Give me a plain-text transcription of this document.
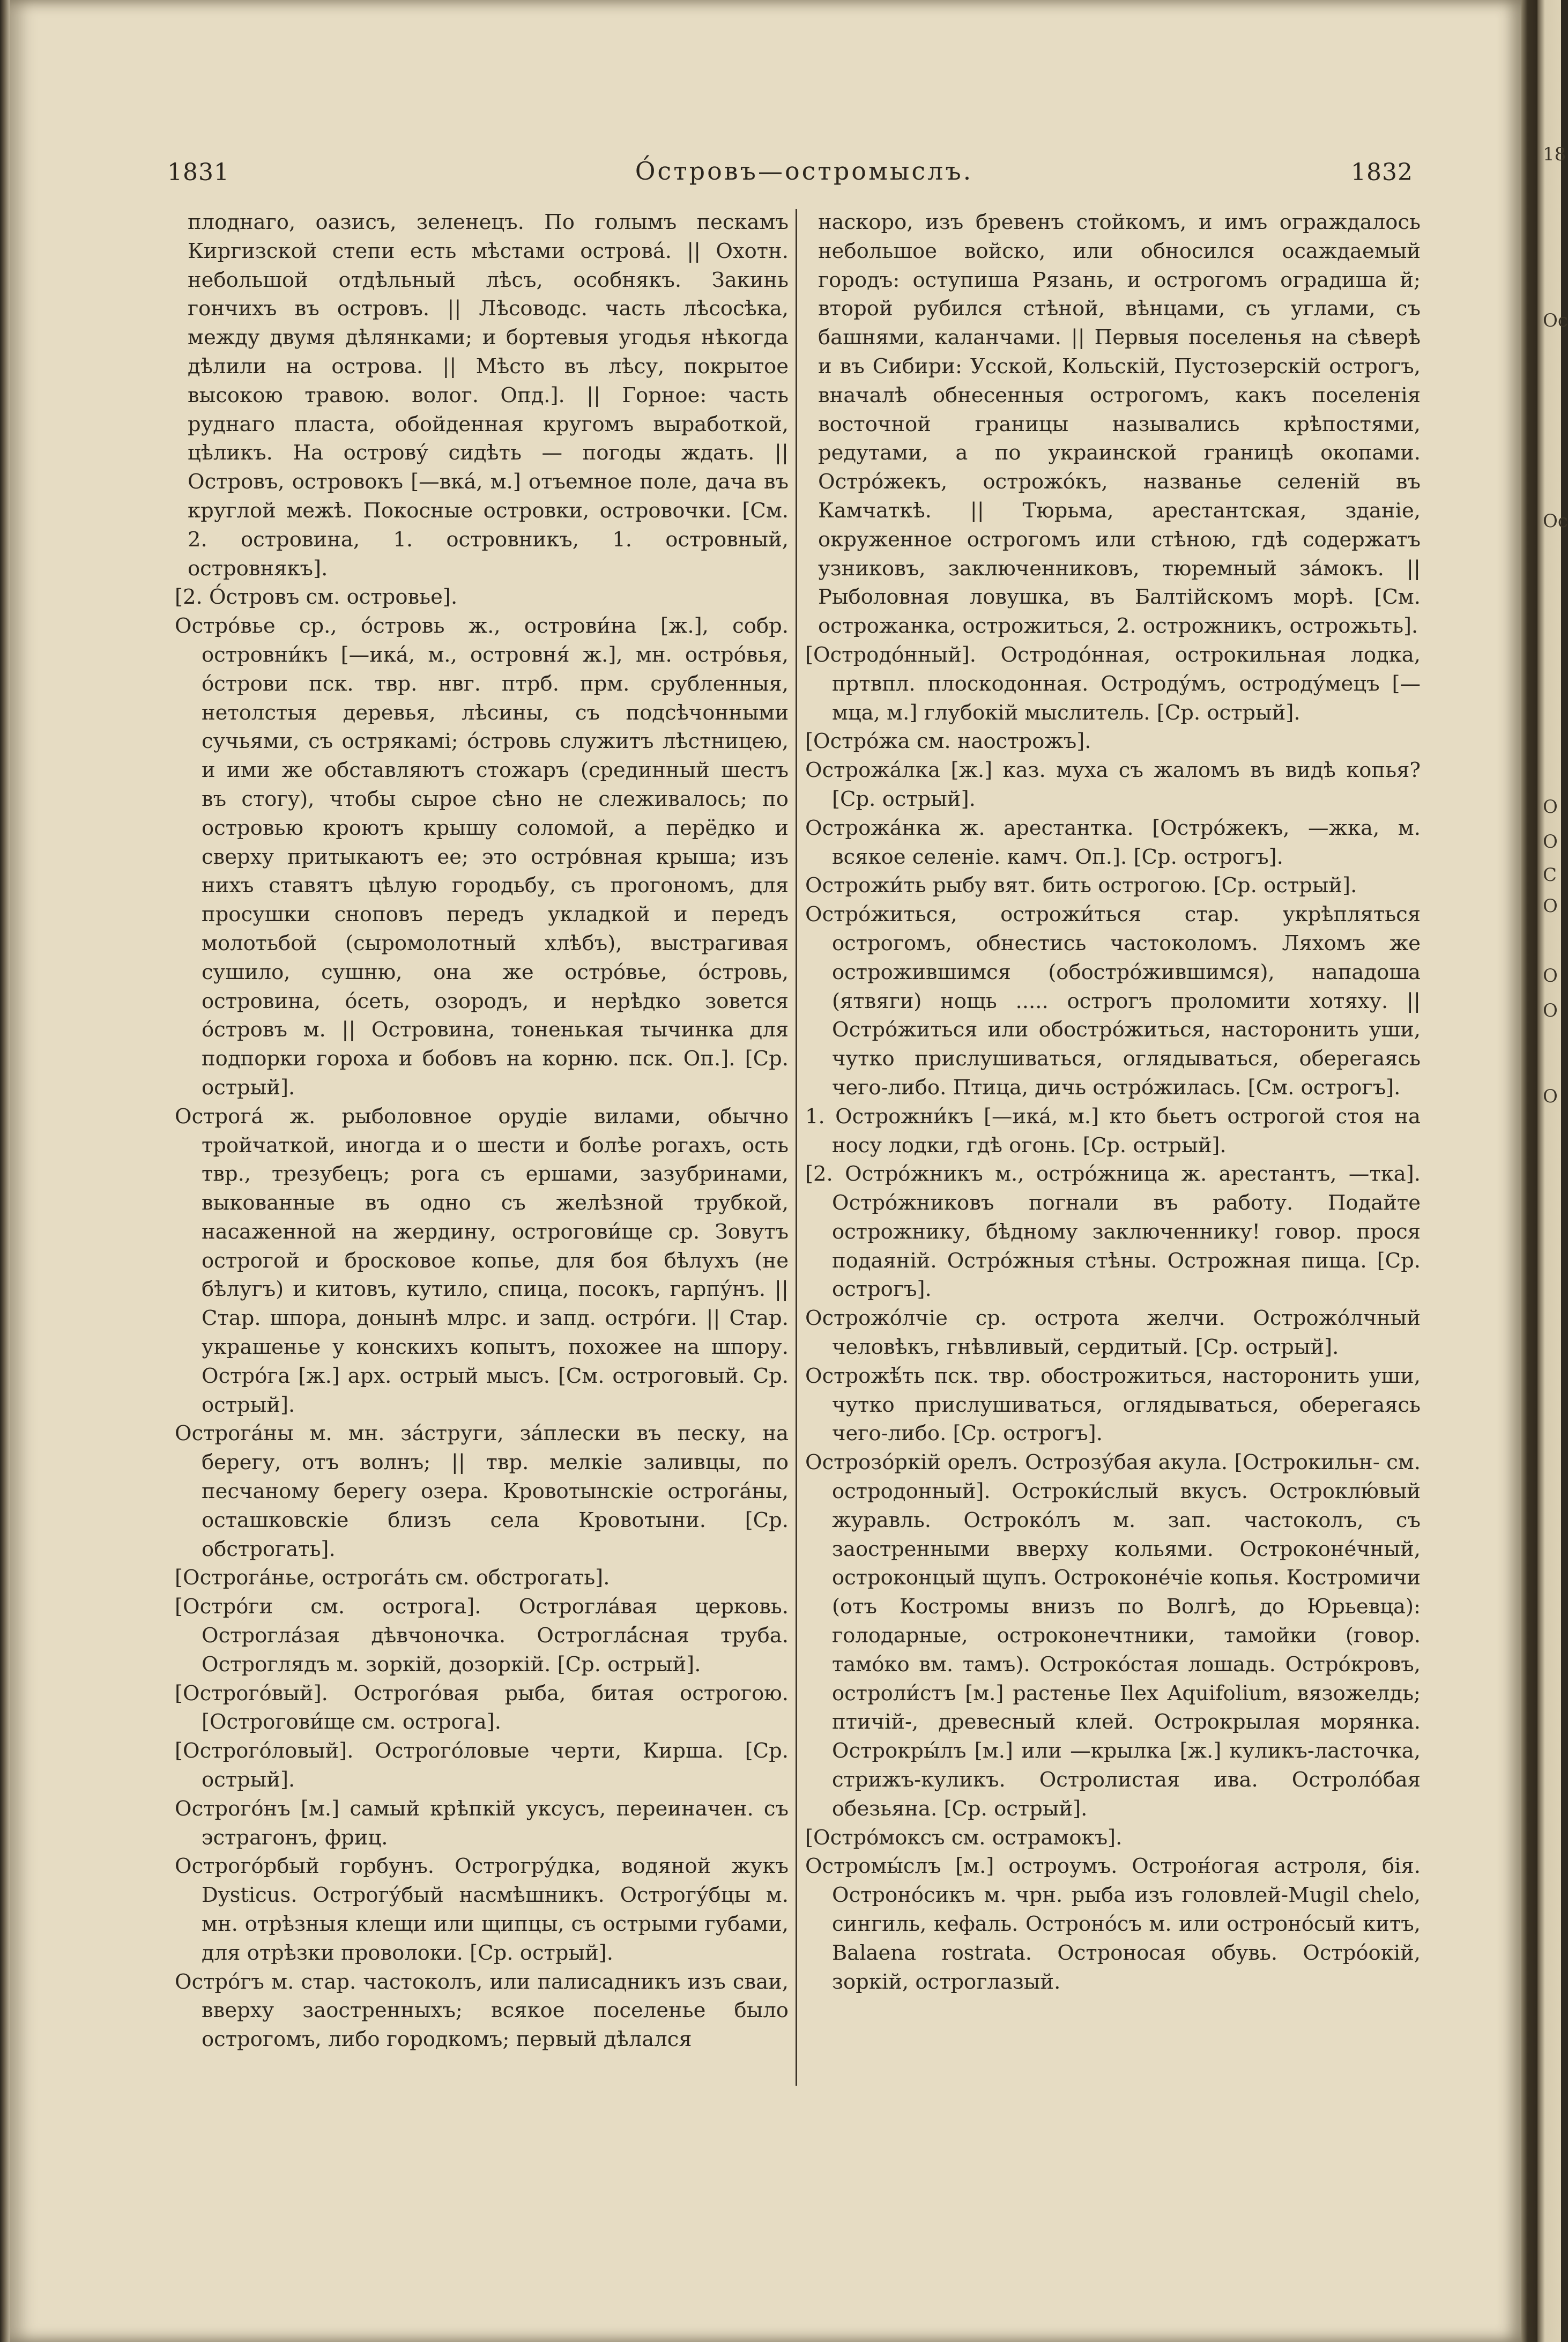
18
Ос
Ос
О
О
С
О
О
О
О
1831	О́стровъ—остромыслъ.	1832

плоднаго, оазисъ, зеленецъ. По голымъ пескамъ Киргизской степи есть мѣстами острова́. || Охотн. небольшой отдѣльный лѣсъ, особнякъ. Закинь гончихъ въ островъ. || Лѣсоводс. часть лѣсосѣка, между двумя дѣлянками; и бортевыя угодья нѣкогда дѣлили на острова. || Мѣсто въ лѣсу, покрытое высокою травою. волог. Опд.]. || Горное: часть руднаго пласта, обойденная кругомъ выработкой, цѣликъ. На острову́ сидѣть — погоды ждать. || Островъ, островокъ [—вка́, м.] отъемное поле, дача въ круглой межѣ. Покосные островки, островочки. [См. 2. островина, 1. островникъ, 1. островный, островнякъ].

[2. О́стровъ см. островье].

Остро́вье ср., о́стровь ж., острови́на [ж.], собр. островни́къ [—ика́, м., островня́ ж.], мн. остро́вья, о́строви пск. твр. нвг. птрб. прм. срубленныя, нетолстыя деревья, лѣсины, съ подсѣчонными сучьями, съ острякамі; о́стровь служитъ лѣстницею, и ими же обставляютъ стожаръ (срединный шестъ въ стогу), чтобы сырое сѣно не слеживалось; по островью кроютъ крышу соломой, а перёдко и сверху притыкаютъ ее; это остро́вная крыша; изъ нихъ ставятъ цѣлую городьбу, съ прогономъ, для просушки сноповъ передъ укладкой и передъ молотьбой (сыромолотный хлѣбъ), выстрагивая сушило, сушню, она же остро́вье, о́стровь, островина, о́сеть, озородъ, и нерѣдко зовется о́стровъ м. || Островина, тоненькая тычинка для подпорки гороха и бобовъ на корню. пск. Оп.]. [Ср. острый].

Острога́ ж. рыболовное орудіе вилами, обычно тройчаткой, иногда и о шести и болѣе рогахъ, ость твр., трезубецъ; рога съ ершами, зазубринами, выкованные въ одно съ желѣзной трубкой, насаженной на жердину, острогови́ще ср. Зовутъ острогой и бросковое копье, для боя бѣлухъ (не бѣлугъ) и китовъ, кутило, спица, посокъ, гарпу́нъ. || Стар. шпора, донынѣ млрс. и запд. остро́ги. || Стар. украшенье у конскихъ копытъ, похожее на шпору. Остро́га [ж.] арх. острый мысъ. [См. остроговый. Ср. острый].

Острога́ны м. мн. за́струги, за́плески въ песку, на берегу, отъ волнъ; || твр. мелкіе заливцы, по песчаному берегу озера. Кровотынскіе острога́ны, осташковскіе близъ села Кровотыни. [Ср. обстрогать].

[Острога́нье, острога́ть см. обстрогать].

[Остро́ги см. острога]. Острогла́вая церковь. Острогла́зая дѣвчоночка. Остроглá́сная труба. Остроглядъ м. зоркій, дозоркій. [Ср. острый].

[Острого́вый]. Острого́вая рыба, битая острогою. [Острогови́ще см. острога].

[Острого́ловый]. Острого́ловые черти, Кирша. [Ср. острый].

Острого́нъ [м.] самый крѣпкій уксусъ, переиначен. съ эстрагонъ, фриц.

Острого́рбый горбунъ. Острогру́дка, водяной жукъ Dysticus. Острогу́бый насмѣшникъ. Острогу́бцы м. мн. отрѣзныя клещи или щипцы, съ острыми губами, для отрѣзки проволоки. [Ср. острый].

Остро́гъ м. стар. частоколъ, или палисадникъ изъ сваи, вверху заостренныхъ; всякое поселенье было острогомъ, либо городкомъ; первый дѣлался

наскоро, изъ бревенъ стойкомъ, и имъ ограждалось небольшое войско, или обносился осаждаемый городъ: оступиша Рязань, и острогомъ оградиша й; второй рубился стѣной, вѣнцами, съ углами, съ башнями, каланчами. || Первыя поселенья на сѣверѣ и въ Сибири: Усской, Кольскій, Пустозерскій острогъ, вначалѣ обнесенныя острогомъ, какъ поселенія восточной границы назывались крѣпостями, редутами, а по украинской границѣ окопами. Остро́жекъ, острожо́къ, названье селеній въ Камчаткѣ. || Тюрьма, арестантская, зданіе, окруженное острогомъ или стѣною, гдѣ содержатъ узниковъ, заключенниковъ, тюремный за́мокъ. || Рыболовная ловушка, въ Балтійскомъ морѣ. [См. острожанка, острожиться, 2. острожникъ, острожьть].

[Остродо́нный]. Остродо́нная, острокильная лодка, пртвпл. плоскодонная. Остроду́мъ, остроду́мецъ [—мца, м.] глубокій мыслитель. [Ср. острый].

[Остро́жа см. наострожъ].

Острожа́лка [ж.] каз. муха съ жаломъ въ видѣ копья? [Ср. острый].

Острожа́нка ж. арестантка. [Остро́жекъ, —жка, м. всякое селеніе. камч. Оп.]. [Ср. острогъ].

Острожи́ть рыбу вят. бить острогою. [Ср. острый].

Остро́житься, острожи́ться стар. укрѣпляться острогомъ, обнестись частоколомъ. Ляхомъ же острожившимся (обостро́жившимся), нападоша (ятвяги) нощь ..... острогъ проломити хотяху. || Остро́житься или обостро́житься, насторонить уши, чутко прислушиваться, оглядываться, оберегаясь чего-либо. Птица, дичь остро́жилась. [См. острогъ].

1. Острожни́къ [—ика́, м.] кто бьетъ острогой стоя на носу лодки, гдѣ огонь. [Ср. острый].

[2. Остро́жникъ м., остро́жница ж. арестантъ, —тка]. Остро́жниковъ погнали въ работу. Подайте острожнику, бѣдному заключеннику! говор. прося подаяній. Остро́жныя стѣны. Острожная пища. [Ср. острогъ].

Острожо́лчіе ср. острота желчи. Острожо́лчный человѣкъ, гнѣвливый, сердитый. [Ср. острый].

Острожѣ́ть пск. твр. обострожиться, насторонить уши, чутко прислушиваться, оглядываться, оберегаясь чего-либо. [Ср. острогъ].

Острозо́ркій орелъ. Острозу́бая акула. [Острокильн- см. остродонный]. Остроки́слый вкусъ. Остроклю́вый журавль. Остроко́лъ м. зап. частоколъ, съ заостренными вверху кольями. Остроконе́чный, остроконцый щупъ. Остроконе́чіе копья. Костромичи (отъ Костромы внизъ по Волгѣ, до Юрьевца): голодарные, остроконечтники, тамойки (говор. тамо́ко вм. тамъ). Остроко́стая лошадь. Остро́кровъ, остроли́стъ [м.] растенье Ilex Aquifolium, вязожелдь; птичій-, древесный клей. Острокрылая морянка. Острокры́лъ [м.] или —крылка [ж.] куликъ-ласточка, стрижъ-куликъ. Остролистая ива. Остроло́бая обезьяна. [Ср. острый].

[Остро́моксъ см. острамокъ].

Остромы́слъ [м.] остроумъ. Острон́огая астроля, бія. Остроно́сикъ м. чрн. рыба изъ головлей-Mugil chelo, сингиль, кефаль. Остроно́съ м. или остроно́сый китъ, Balaena rostrata. Остроносая обувь. Остро́окій, зоркій, остроглазый.
